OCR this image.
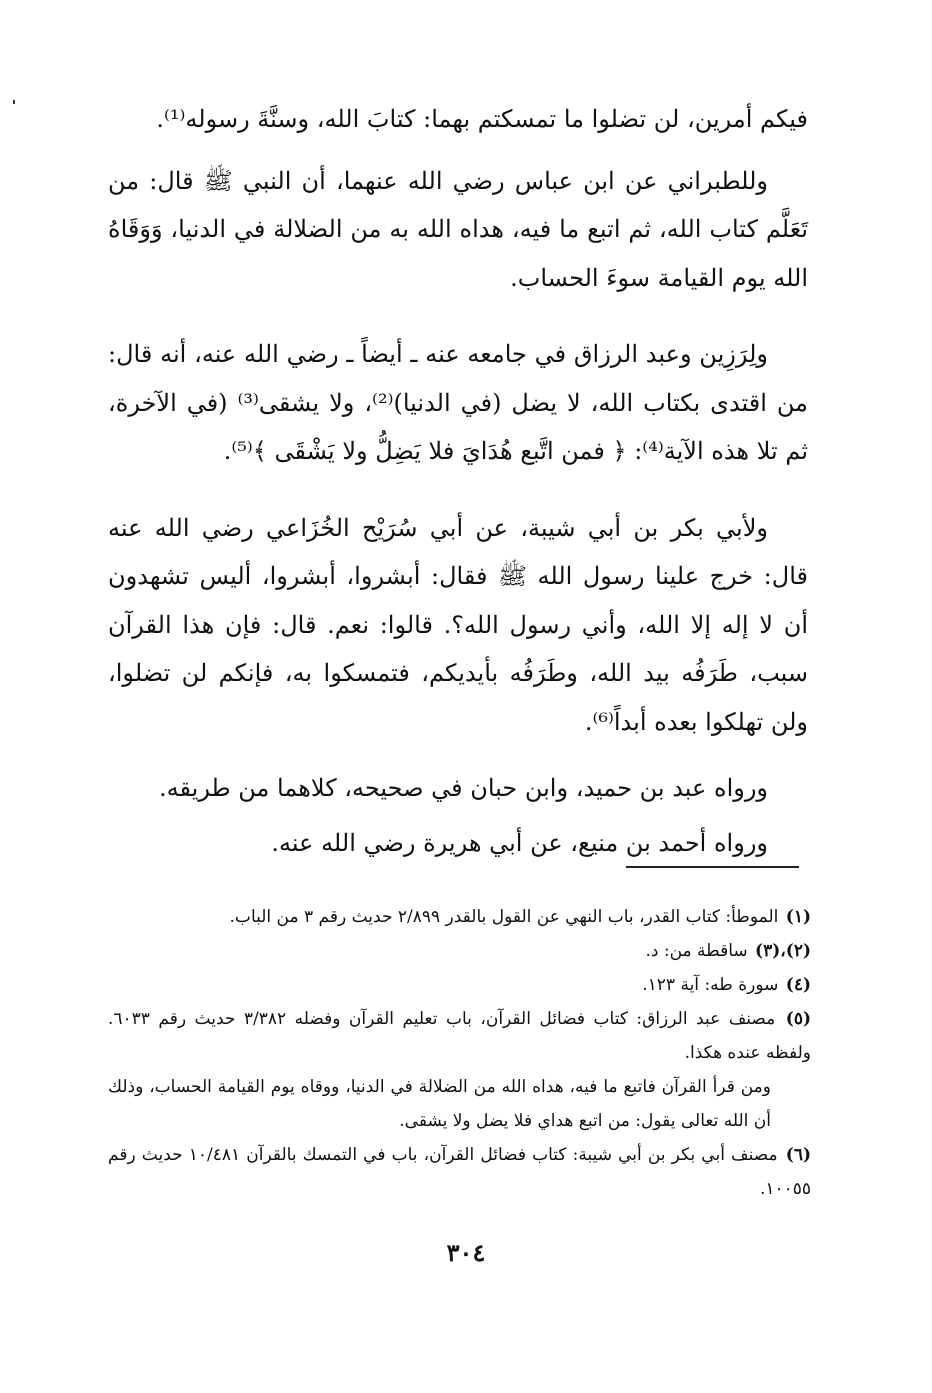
فيكم أمرين، لن تضلوا ما تمسكتم بهما: كتابَ الله، وسنَّةَ رسوله⁽¹⁾.

وللطبراني عن ابن عباس رضي الله عنهما، أن النبي ﷺ قال: من تَعَلَّم كتاب الله، ثم اتبع ما فيه، هداه الله به من الضلالة في الدنيا، وَوَقَاهُ الله يوم القيامة سوءَ الحساب.

ولِرَزِين وعبد الرزاق في جامعه عنه ـ أيضاً ـ رضي الله عنه، أنه قال: من اقتدى بكتاب الله، لا يضل (في الدنيا)⁽²⁾، ولا يشقى⁽³⁾ (في الآخرة، ثم تلا هذه الآية⁽⁴⁾: ﴿ فمن اتَّبع هُدَايَ فلا يَضِلُّ ولا يَشْقَى ﴾⁽⁵⁾.

ولأبي بكر بن أبي شيبة، عن أبي سُرَيْح الخُزَاعي رضي الله عنه قال: خرج علينا رسول الله ﷺ فقال: أبشروا، أبشروا، أليس تشهدون أن لا إله إلا الله، وأني رسول الله؟. قالوا: نعم. قال: فإن هذا القرآن سبب، طَرَفُه بيد الله، وطَرَفُه بأيديكم، فتمسكوا به، فإنكم لن تضلوا، ولن تهلكوا بعده أبداً⁽⁶⁾.

ورواه عبد بن حميد، وابن حبان في صحيحه، كلاهما من طريقه.

ورواه أحمد بن منيع، عن أبي هريرة رضي الله عنه.

(١) الموطأ: كتاب القدر، باب النهي عن القول بالقدر ٢/٨٩٩ حديث رقم ٣ من الباب.

(٢)،(٣) ساقطة من: د.

(٤) سورة طه: آية ١٢٣.

(٥) مصنف عبد الرزاق: كتاب فضائل القرآن، باب تعليم القرآن وفضله ٣/٣٨٢ حديث رقم ٦٠٣٣. ولفظه عنده هكذا.

ومن قرأ القرآن فاتبع ما فيه، هداه الله من الضلالة في الدنيا، ووقاه يوم القيامة الحساب، وذلك أن الله تعالى يقول: من اتبع هداي فلا يضل ولا يشقى.

(٦) مصنف أبي بكر بن أبي شيبة: كتاب فضائل القرآن، باب في التمسك بالقرآن ١٠/٤٨١ حديث رقم ١٠٠٥٥.

٣٠٤
